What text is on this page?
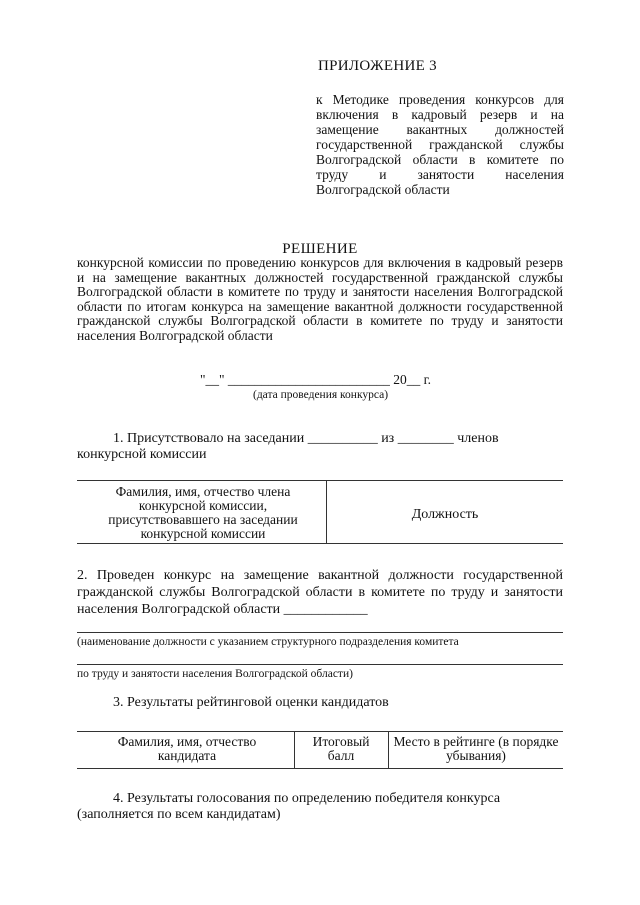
ПРИЛОЖЕНИЕ 3
к Методике проведения конкурсов для включения в кадровый резерв и на замещение вакантных должностей государственной гражданской службы Волгоградской области в комитете по труду и занятости населения Волгоградской области
РЕШЕНИЕ
конкурсной комиссии по проведению конкурсов для включения в кадровый резерв и на замещение вакантных должностей государственной гражданской службы Волгоградской области в комитете по труду и занятости населения Волгоградской области по итогам конкурса на замещение вакантной должности государственной гражданской службы Волгоградской области в комитете по труду и занятости населения Волгоградской области
"__" ________________________ 20__ г.
(дата проведения конкурса)
1. Присутствовало на заседании __________ из ________ членов
конкурсной комиссии
Фамилия, имя, отчество члена конкурсной комиссии, присутствовавшего на заседании конкурсной комиссии
Должность
2. Проведен конкурс на замещение вакантной должности государственной гражданской службы Волгоградской области в комитете по труду и занятости населения Волгоградской области ____________
(наименование должности с указанием структурного подразделения комитета
по труду и занятости населения Волгоградской области)
3. Результаты рейтинговой оценки кандидатов
Фамилия, имя, отчество кандидата
Итоговый балл
Место в рейтинге (в порядке убывания)
4. Результаты голосования по определению победителя конкурса
(заполняется по всем кандидатам)
